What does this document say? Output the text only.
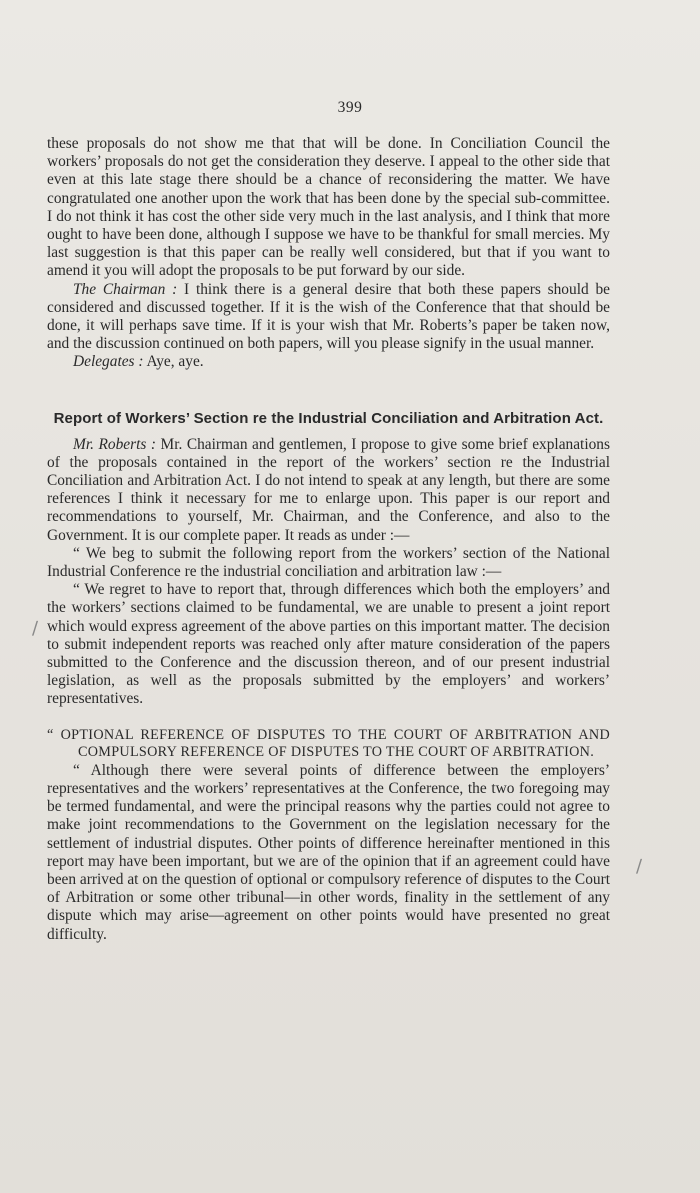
399

these proposals do not show me that that will be done. In Conciliation Council the workers’ proposals do not get the consideration they deserve. I appeal to the other side that even at this late stage there should be a chance of reconsidering the matter. We have congratulated one another upon the work that has been done by the special sub-committee. I do not think it has cost the other side very much in the last analysis, and I think that more ought to have been done, although I suppose we have to be thankful for small mercies. My last suggestion is that this paper can be really well considered, but that if you want to amend it you will adopt the proposals to be put forward by our side.

The Chairman : I think there is a general desire that both these papers should be considered and discussed together. If it is the wish of the Conference that that should be done, it will perhaps save time. If it is your wish that Mr. Roberts’s paper be taken now, and the discussion continued on both papers, will you please signify in the usual manner.

Delegates : Aye, aye.

Report of Workers’ Section re the Industrial Conciliation and Arbitration Act.

Mr. Roberts : Mr. Chairman and gentlemen, I propose to give some brief explanations of the proposals contained in the report of the workers’ section re the Industrial Conciliation and Arbitration Act. I do not intend to speak at any length, but there are some references I think it necessary for me to enlarge upon. This paper is our report and recommendations to yourself, Mr. Chairman, and the Conference, and also to the Government. It is our complete paper. It reads as under :—

“ We beg to submit the following report from the workers’ section of the National Industrial Conference re the industrial conciliation and arbitration law :—

“ We regret to have to report that, through differences which both the employers’ and the workers’ sections claimed to be fundamental, we are unable to present a joint report which would express agreement of the above parties on this important matter. The decision to submit independent reports was reached only after mature consideration of the papers submitted to the Conference and the discussion thereon, and of our present industrial legislation, as well as the proposals submitted by the employers’ and workers’ representatives.

“ OPTIONAL REFERENCE OF DISPUTES TO THE COURT OF ARBITRATION AND COMPULSORY REFERENCE OF DISPUTES TO THE COURT OF ARBITRATION.

“ Although there were several points of difference between the employers’ representatives and the workers’ representatives at the Conference, the two foregoing may be termed fundamental, and were the principal reasons why the parties could not agree to make joint recommendations to the Government on the legislation necessary for the settlement of industrial disputes. Other points of difference hereinafter mentioned in this report may have been important, but we are of the opinion that if an agreement could have been arrived at on the question of optional or compulsory reference of disputes to the Court of Arbitration or some other tribunal—in other words, finality in the settlement of any dispute which may arise—agreement on other points would have presented no great difficulty.

∕
∕
